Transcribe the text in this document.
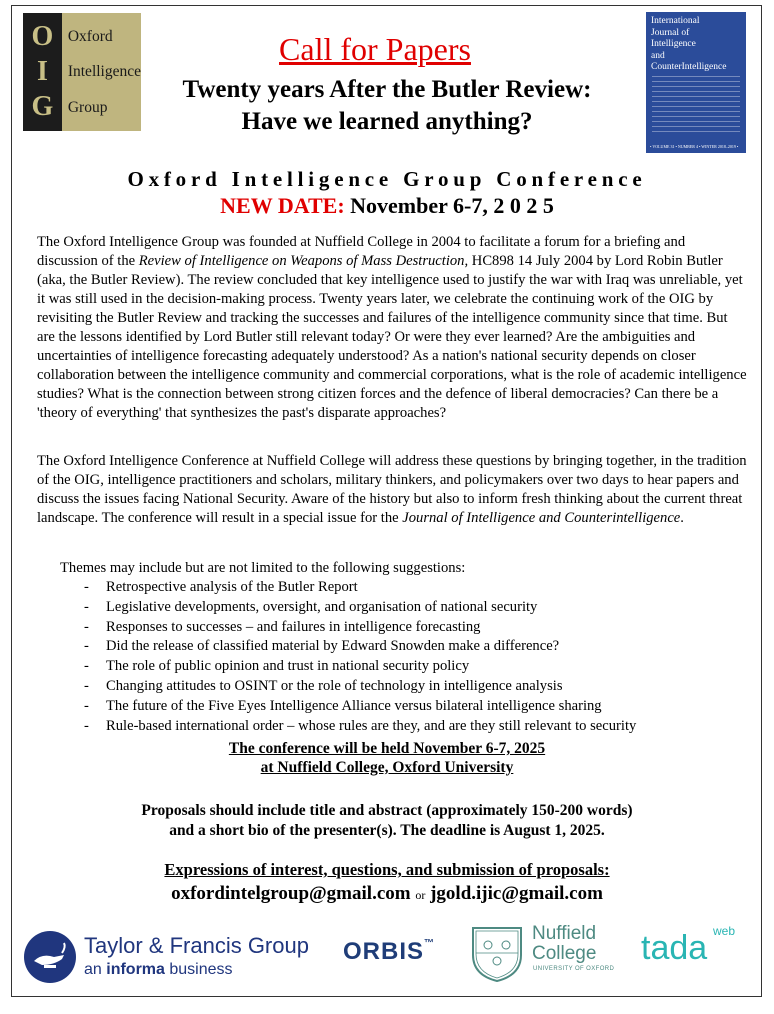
O
I
G
Oxford
Intelligence
Group
International
Journal of
Intelligence
and
CounterIntelligence
• VOLUME 31 • NUMBER 4 • WINTER 2018–2019 •
Call for Papers
Twenty years After the Butler Review:
Have we learned anything?
Oxford Intelligence Group Conference
NEW DATE: November 6-7, 2 0 2 5
The Oxford Intelligence Group was founded at Nuffield College in 2004 to facilitate a forum for a briefing and discussion of the Review of Intelligence on Weapons of Mass Destruction, HC898 14 July 2004 by Lord Robin Butler (aka, the Butler Review). The review concluded that key intelligence used to justify the war with Iraq was unreliable, yet it was still used in the decision-making process. Twenty years later, we celebrate the continuing work of the OIG by revisiting the Butler Review and tracking the successes and failures of the intelligence community since that time. But are the lessons identified by Lord Butler still relevant today? Or were they ever learned? Are the ambiguities and uncertainties of intelligence forecasting adequately understood? As a nation's national security depends on closer collaboration between the intelligence community and commercial corporations, what is the role of academic intelligence studies? What is the connection between strong citizen forces and the defence of liberal democracies? Can there be a 'theory of everything' that synthesizes the past's disparate approaches?
The Oxford Intelligence Conference at Nuffield College will address these questions by bringing together, in the tradition of the OIG, intelligence practitioners and scholars, military thinkers, and policymakers over two days to hear papers and discuss the issues facing National Security. Aware of the history but also to inform fresh thinking about the current threat landscape. The conference will result in a special issue for the Journal of Intelligence and Counterintelligence.
Themes may include but are not limited to the following suggestions:
- Retrospective analysis of the Butler Report
- Legislative developments, oversight, and organisation of national security
- Responses to successes – and failures in intelligence forecasting
- Did the release of classified material by Edward Snowden make a difference?
- The role of public opinion and trust in national security policy
- Changing attitudes to OSINT or the role of technology in intelligence analysis
- The future of the Five Eyes Intelligence Alliance versus bilateral intelligence sharing
- Rule-based international order – whose rules are they, and are they still relevant to security
The conference will be held November 6-7, 2025
at Nuffield College, Oxford University
Proposals should include title and abstract (approximately 150-200 words)
and a short bio of the presenter(s). The deadline is August 1, 2025.
Expressions of interest, questions, and submission of proposals:
oxfordintelgroup@gmail.com or jgold.ijic@gmail.com
Taylor & Francis Group
an informa business
ORBIS™	Nuffield
College
UNIVERSITY OF OXFORD
tada web
